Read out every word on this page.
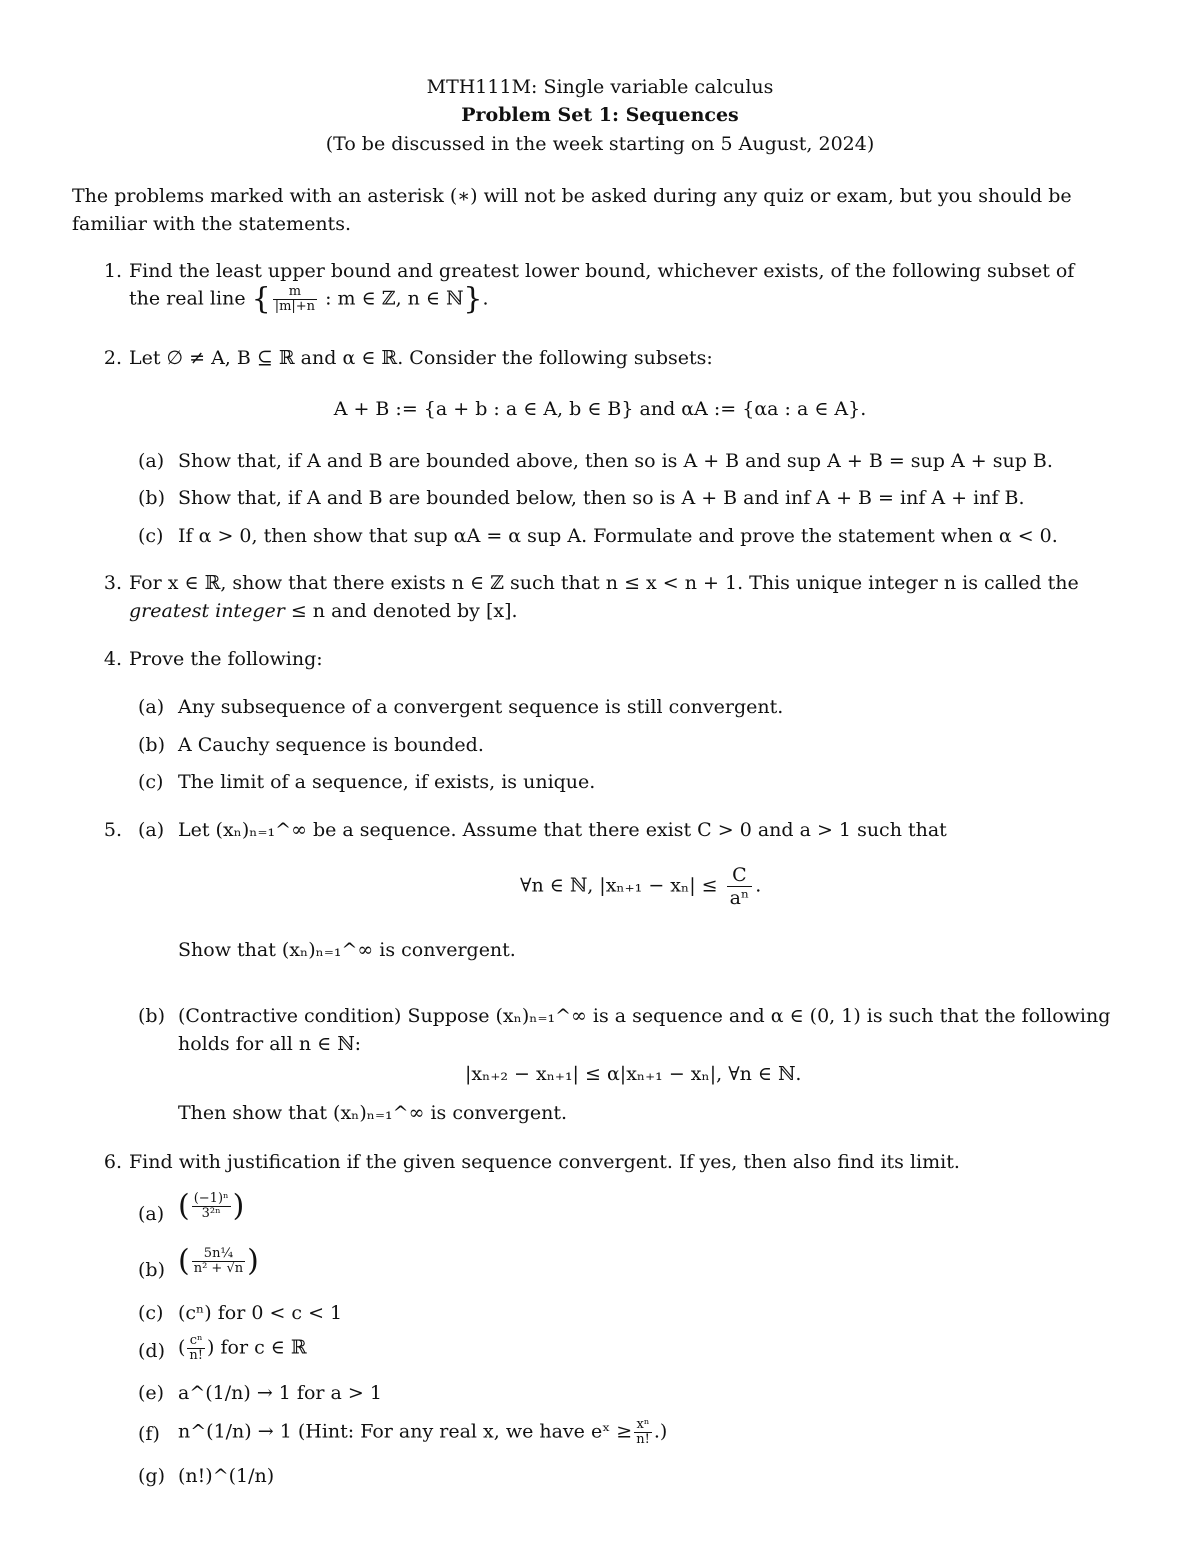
MTH111M: Single variable calculus
Problem Set 1: Sequences
(To be discussed in the week starting on 5 August, 2024)
The problems marked with an asterisk (∗) will not be asked during any quiz or exam, but you should be
familiar with the statements.
1. Find the least upper bound and greatest lower bound, whichever exists, of the following subset of
the real line { $\frac{m}{|m|+n}$ : m ∈ ℤ, n ∈ ℕ}.
2. Let ∅ ≠ A, B ⊆ ℝ and α ∈ ℝ. Consider the following subsets:
A + B := {a + b : a ∈ A, b ∈ B} and αA := {αa : a ∈ A}.
(a) Show that, if A and B are bounded above, then so is A + B and sup A + B = sup A + sup B.
(b) Show that, if A and B are bounded below, then so is A + B and inf A + B = inf A + inf B.
(c) If α > 0, then show that sup αA = α sup A. Formulate and prove the statement when α < 0.
3. For x ∈ ℝ, show that there exists n ∈ ℤ such that n ≤ x < n + 1. This unique integer n is called the
greatest integer ≤ n and denoted by [x].
4. Prove the following:
(a) Any subsequence of a convergent sequence is still convergent.
(b) A Cauchy sequence is bounded.
(c) The limit of a sequence, if exists, is unique.
5. (a) Let (xₙ)ₙ₌₁^∞ be a sequence. Assume that there exist C > 0 and a > 1 such that
∀n ∈ ℕ, $|x_{n+1} - x_n| \le \frac{C}{\text{aⁿ}}$ .
Show that (xₙ)ₙ₌₁^∞ is convergent.
(b) (Contractive condition) Suppose (xₙ)ₙ₌₁^∞ is a sequence and α ∈ (0, 1) is such that the following
holds for all n ∈ ℕ:
|xₙ₊₂ − xₙ₊₁| ≤ α|xₙ₊₁ − xₙ|, ∀n ∈ ℕ.
Then show that (xₙ)ₙ₌₁^∞ is convergent.
6. Find with justification if the given sequence convergent. If yes, then also find its limit.
(a) ( $\frac{\text{(−1)ⁿ}}{\text{3²ⁿ}}$ )
(b) ( $\frac{\text{5n¼}}{\text{n² + √n}}$ )
(c) (cⁿ) for 0 < c < 1
(d) ( $\frac{\text{cⁿ}}{n!}$ ) for c ∈ ℝ
(e) a^(1/n) → 1 for a > 1
(f) n^(1/n) → 1 (Hint: For any real x, we have eˣ ≥ $\frac{\text{xⁿ}}{n!}$ .)
(g) (n!)^(1/n)
